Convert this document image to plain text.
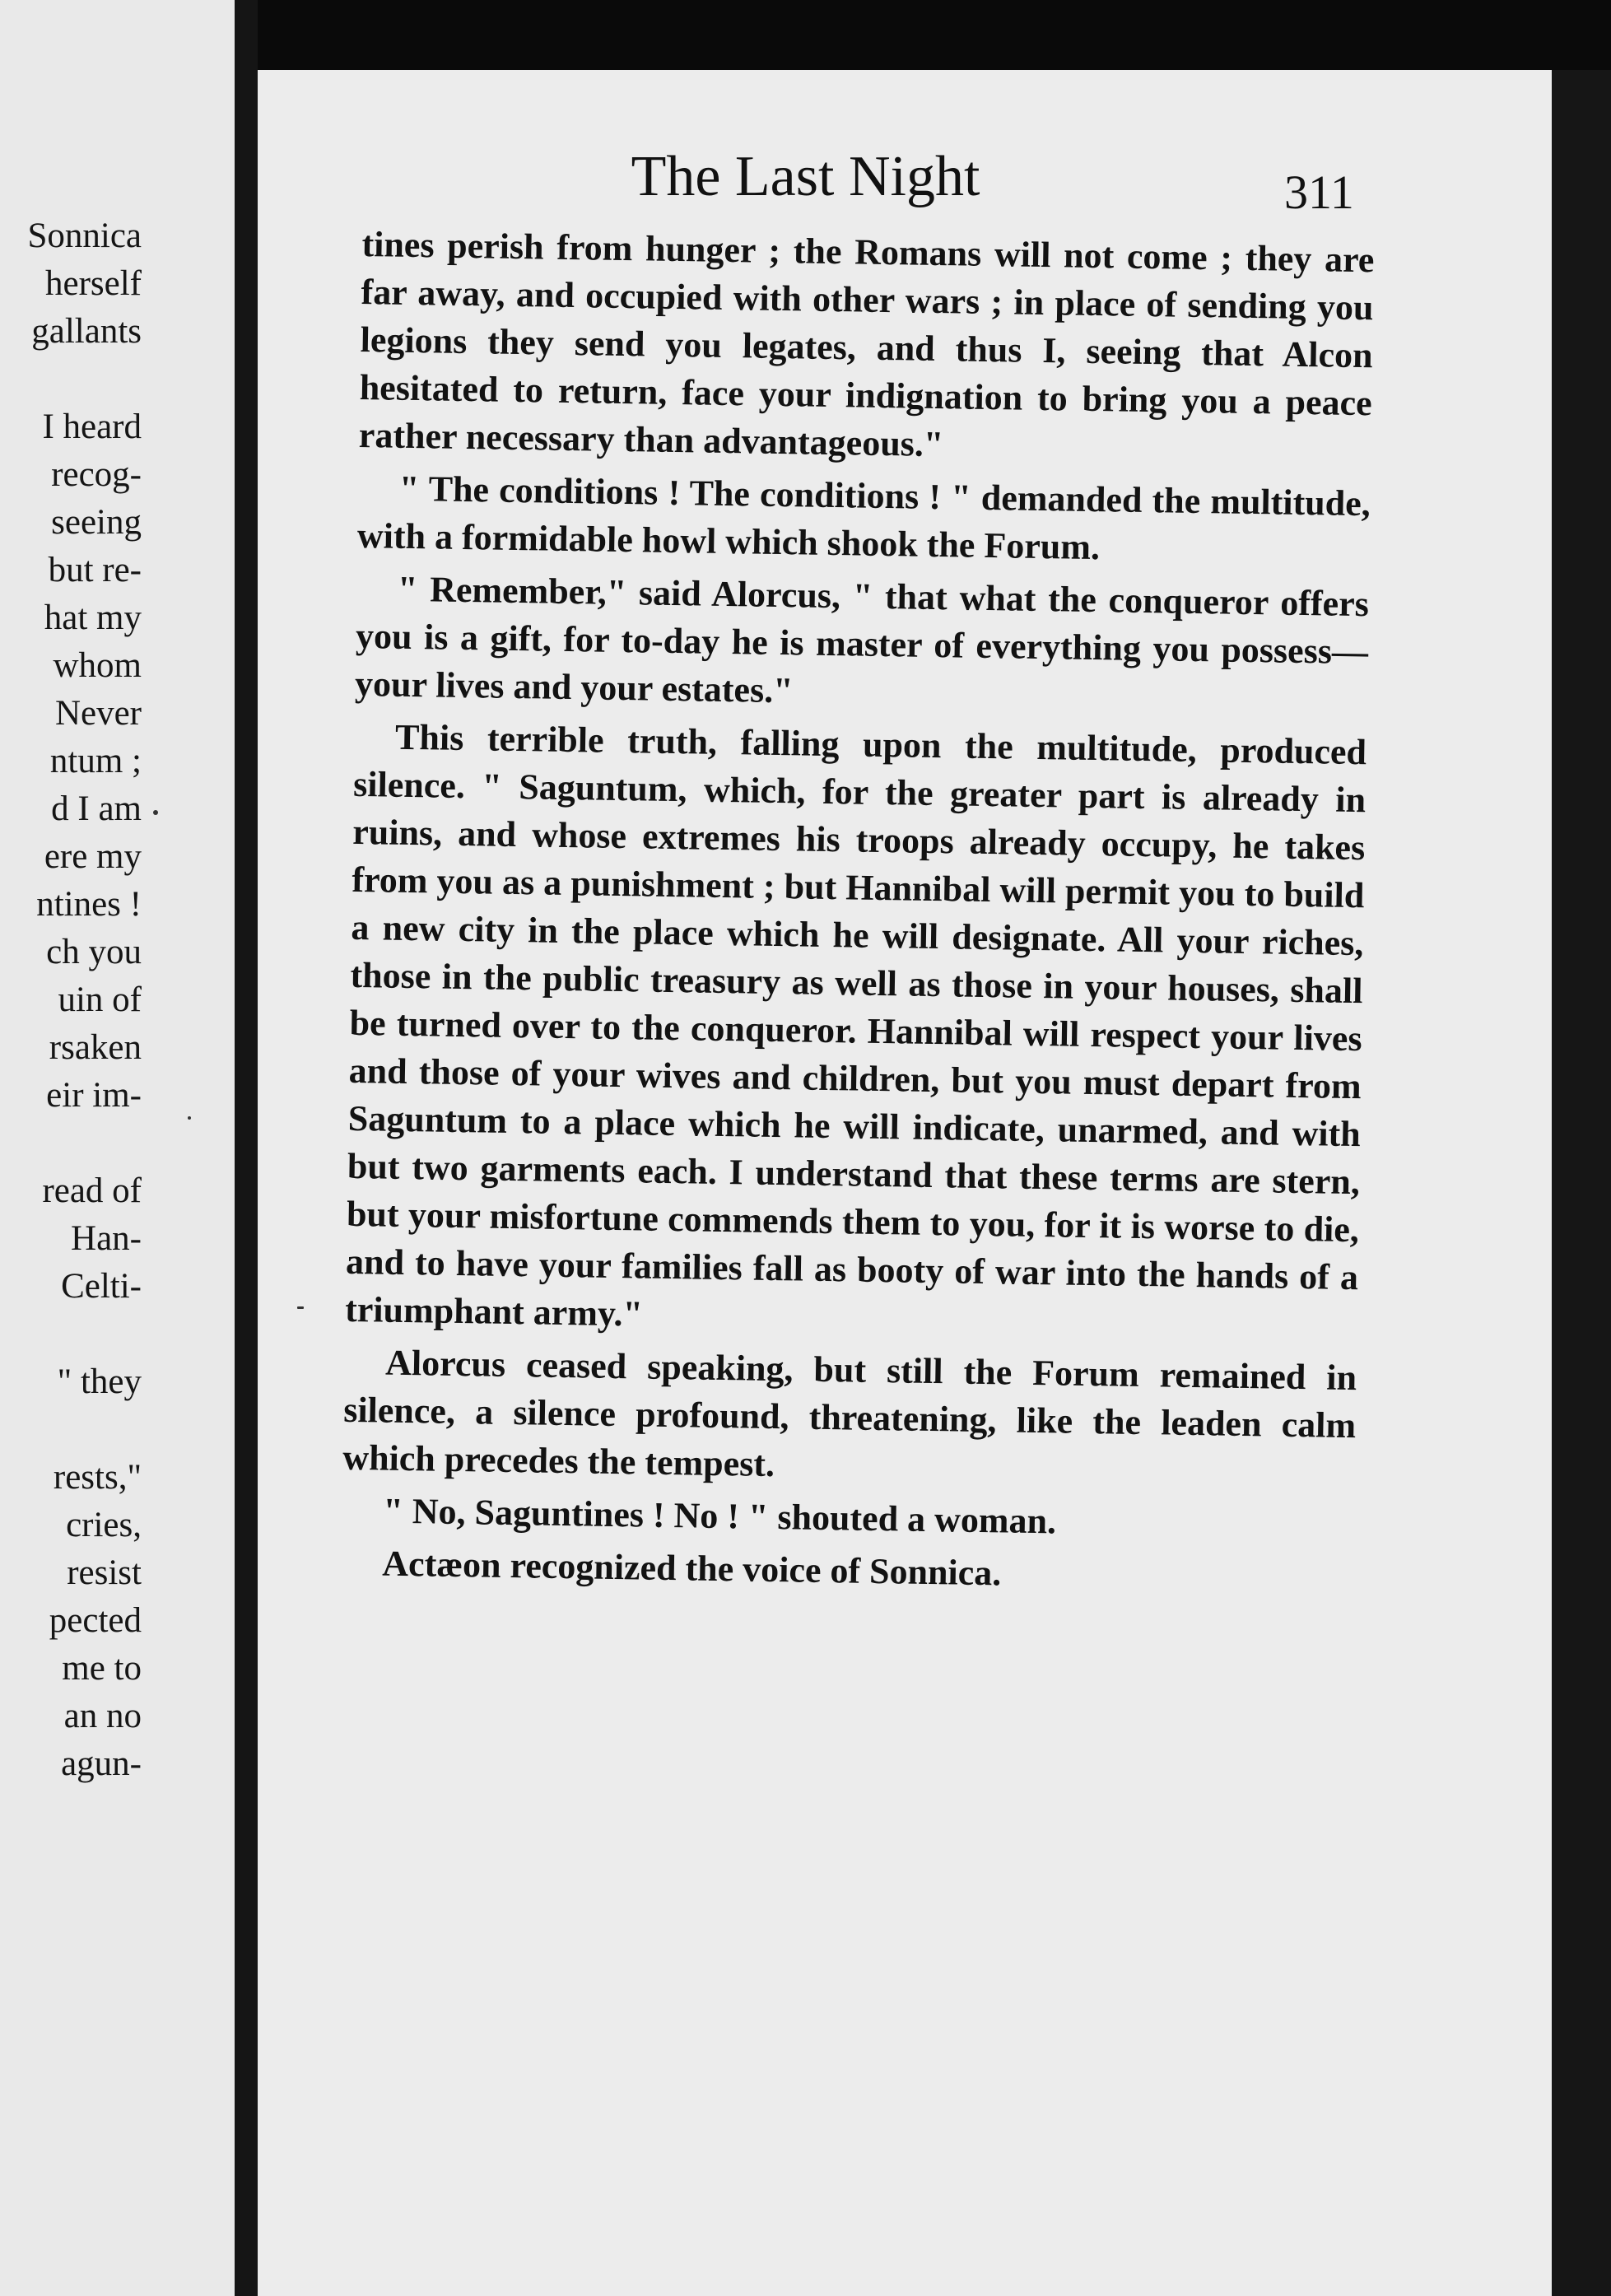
Sonnica
herself
gallants
I heard
recog-
seeing
but re-
hat my
whom
Never
ntum ;
d I am
ere my
ntines !
ch you
uin of
rsaken
eir im-
read of
Han-
Celti-
" they
rests,"
cries,
resist
pected
me to
an no
agun-
The Last Night	311
tines perish from hunger ; the Romans will not come ; they are far away, and occupied with other wars ; in place of sending you legions they send you legates, and thus I, seeing that Alcon hesitated to return, face your indignation to bring you a peace rather necessary than advantageous."
" The conditions ! The conditions ! " demanded the multitude, with a formidable howl which shook the Forum.
" Remember," said Alorcus, " that what the conqueror offers you is a gift, for to-day he is master of everything you possess—your lives and your estates."
This terrible truth, falling upon the multitude, produced silence. " Saguntum, which, for the greater part is already in ruins, and whose extremes his troops already occupy, he takes from you as a punishment ; but Hannibal will permit you to build a new city in the place which he will designate. All your riches, those in the public treasury as well as those in your houses, shall be turned over to the conqueror. Hannibal will respect your lives and those of your wives and children, but you must depart from Saguntum to a place which he will indicate, unarmed, and with but two garments each. I understand that these terms are stern, but your misfortune commends them to you, for it is worse to die, and to have your families fall as booty of war into the hands of a triumphant army."
Alorcus ceased speaking, but still the Forum remained in silence, a silence profound, threatening, like the leaden calm which precedes the tempest.
" No, Saguntines ! No ! " shouted a woman.
Actæon recognized the voice of Sonnica.
